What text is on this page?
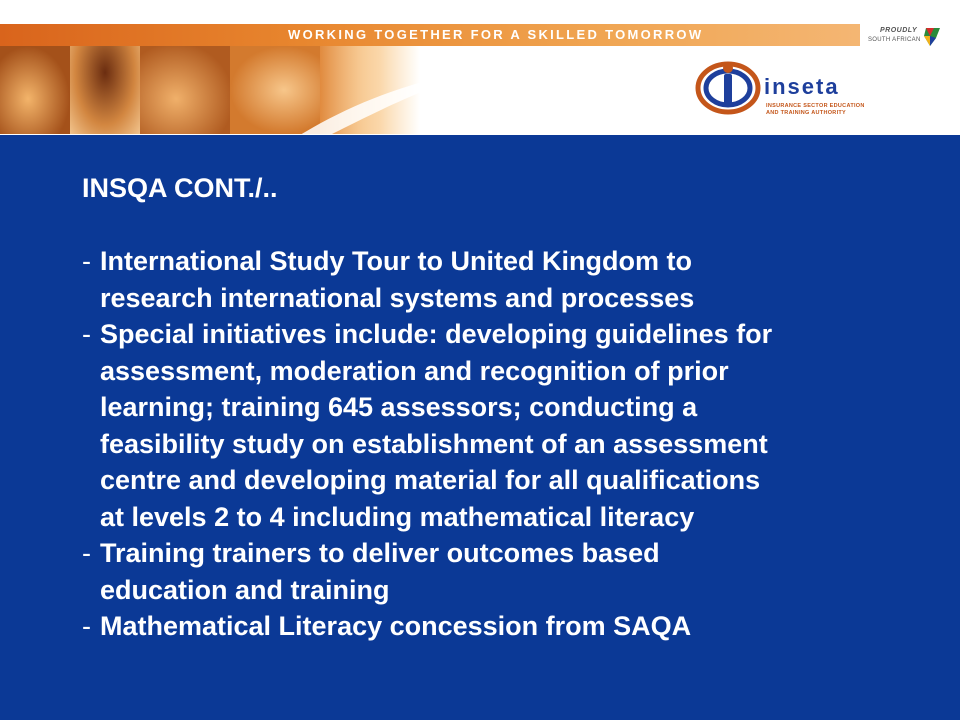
WORKING TOGETHER FOR A SKILLED TOMORROW	PROUDLY
SOUTH AFRICAN
inseta
INSURANCE SECTOR EDUCATION
AND TRAINING AUTHORITY
INSQA CONT./..
- International Study Tour to United Kingdom to
research international systems and processes
- Special initiatives include: developing guidelines for
assessment, moderation and recognition of prior
learning; training 645 assessors; conducting a
feasibility study on establishment of an assessment
centre and developing material for all qualifications
at levels 2 to 4 including mathematical literacy
- Training trainers to deliver outcomes based
education and training
- Mathematical Literacy concession from SAQA
